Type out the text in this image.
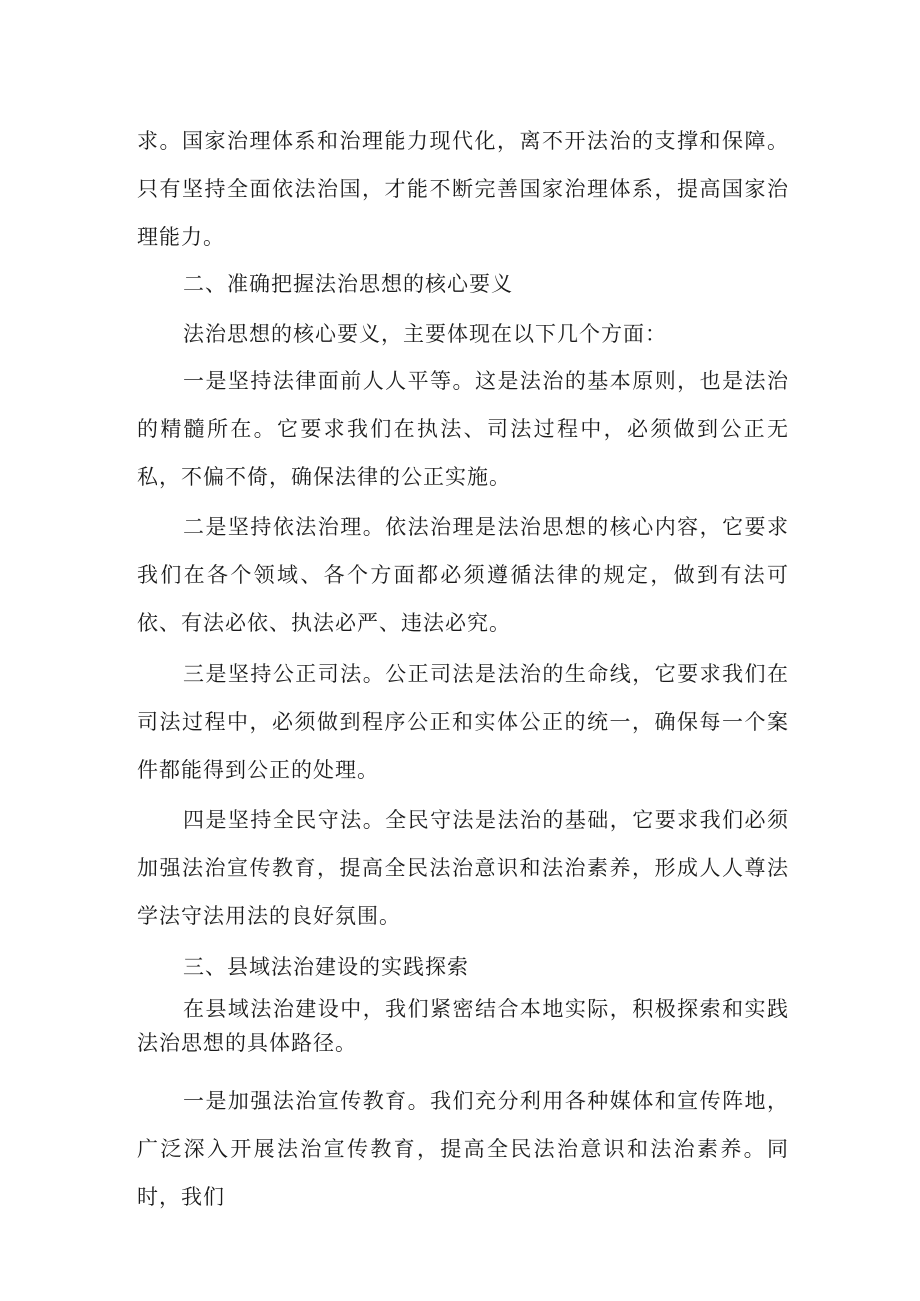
求。国家治理体系和治理能力现代化，离不开法治的支撑和保障。只有坚持全面依法治国，才能不断完善国家治理体系，提高国家治理能力。

二、准确把握法治思想的核心要义

法治思想的核心要义，主要体现在以下几个方面：

一是坚持法律面前人人平等。这是法治的基本原则，也是法治的精髓所在。它要求我们在执法、司法过程中，必须做到公正无私，不偏不倚，确保法律的公正实施。

二是坚持依法治理。依法治理是法治思想的核心内容，它要求我们在各个领域、各个方面都必须遵循法律的规定，做到有法可依、有法必依、执法必严、违法必究。

三是坚持公正司法。公正司法是法治的生命线，它要求我们在司法过程中，必须做到程序公正和实体公正的统一，确保每一个案件都能得到公正的处理。

四是坚持全民守法。全民守法是法治的基础，它要求我们必须加强法治宣传教育，提高全民法治意识和法治素养，形成人人尊法学法守法用法的良好氛围。

三、县域法治建设的实践探索

在县域法治建设中，我们紧密结合本地实际，积极探索和实践法治思想的具体路径。

一是加强法治宣传教育。我们充分利用各种媒体和宣传阵地，广泛深入开展法治宣传教育，提高全民法治意识和法治素养。同时，我们
